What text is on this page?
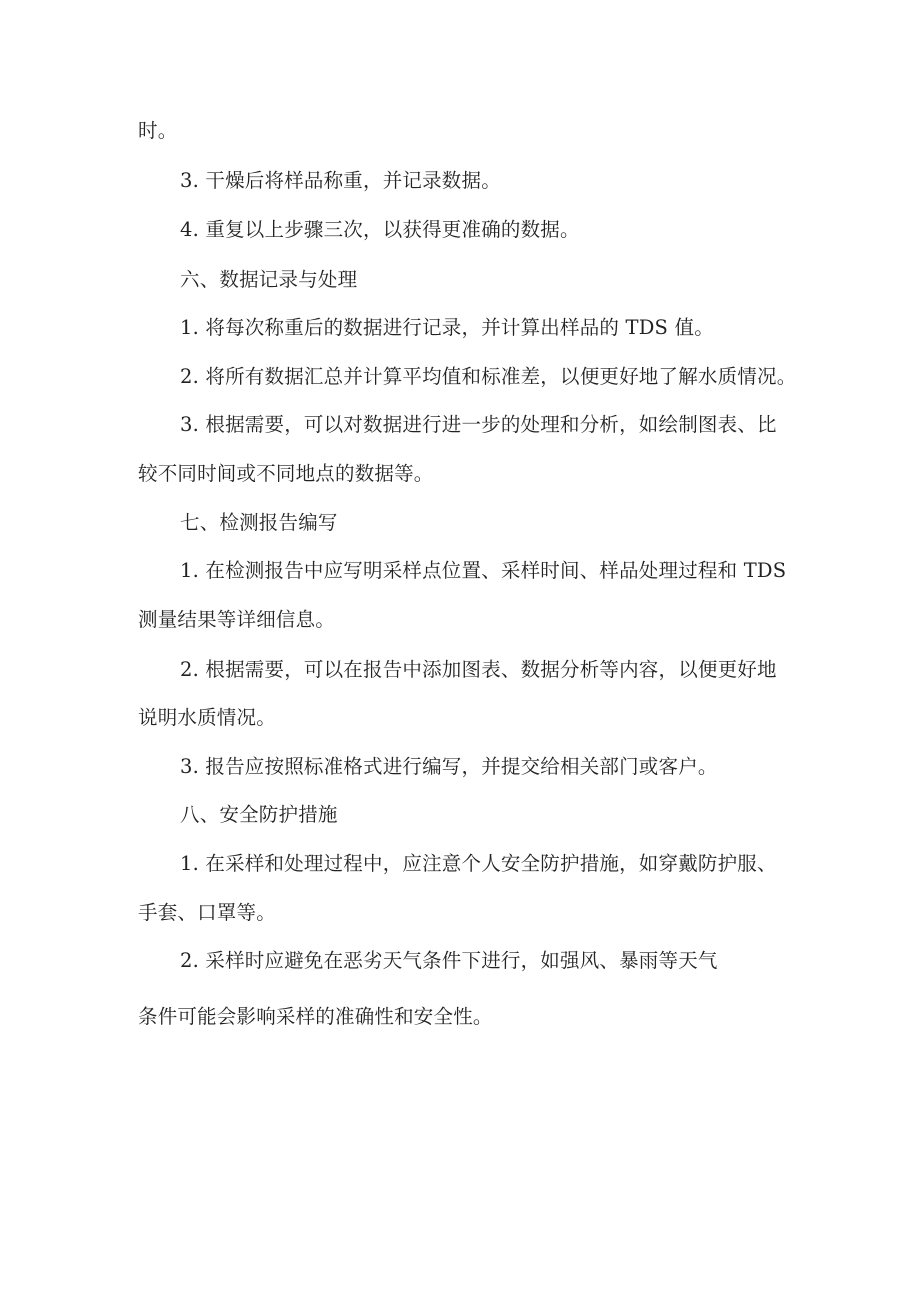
时。

3. 干燥后将样品称重，并记录数据。

4. 重复以上步骤三次，以获得更准确的数据。

六、数据记录与处理

1. 将每次称重后的数据进行记录，并计算出样品的 TDS 值。

2. 将所有数据汇总并计算平均值和标准差，以便更好地了解水质情况。

3. 根据需要，可以对数据进行进一步的处理和分析，如绘制图表、比

较不同时间或不同地点的数据等。

七、检测报告编写

1. 在检测报告中应写明采样点位置、采样时间、样品处理过程和 TDS

测量结果等详细信息。

2. 根据需要，可以在报告中添加图表、数据分析等内容，以便更好地

说明水质情况。

3. 报告应按照标准格式进行编写，并提交给相关部门或客户。

八、安全防护措施

1. 在采样和处理过程中，应注意个人安全防护措施，如穿戴防护服、

手套、口罩等。

2. 采样时应避免在恶劣天气条件下进行，如强风、暴雨等天气

条件可能会影响采样的准确性和安全性。
